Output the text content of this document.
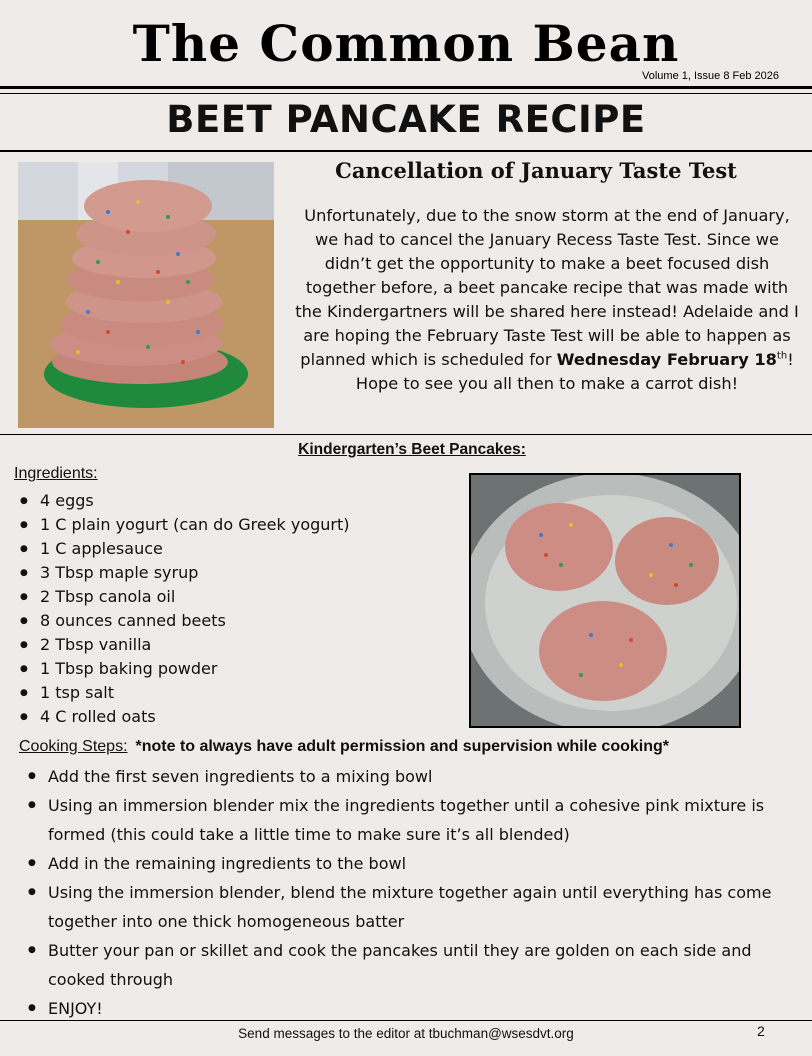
The Common Bean
Volume 1, Issue 8 Feb 2026
BEET PANCAKE RECIPE
Cancellation of January Taste Test
Unfortunately, due to the snow storm at the end of January, we had to cancel the January Recess Taste Test. Since we didn’t get the opportunity to make a beet focused dish together before, a beet pancake recipe that was made with the Kindergartners will be shared here instead! Adelaide and I are hoping the February Taste Test will be able to happen as planned which is scheduled for Wednesday February 18th! Hope to see you all then to make a carrot dish!
Kindergarten’s Beet Pancakes:
Ingredients:
● 4 eggs
● 1 C plain yogurt (can do Greek yogurt)
● 1 C applesauce
● 3 Tbsp maple syrup
● 2 Tbsp canola oil
● 8 ounces canned beets
● 2 Tbsp vanilla
● 1 Tbsp baking powder
● 1 tsp salt
● 4 C rolled oats
Cooking Steps: *note to always have adult permission and supervision while cooking*
● Add the first seven ingredients to a mixing bowl
● Using an immersion blender mix the ingredients together until a cohesive pink mixture is formed (this could take a little time to make sure it’s all blended)
● Add in the remaining ingredients to the bowl
● Using the immersion blender, blend the mixture together again until everything has come together into one thick homogeneous batter
● Butter your pan or skillet and cook the pancakes until they are golden on each side and cooked through
● ENJOY!
Send messages to the editor at tbuchman@wsesdvt.org	2
